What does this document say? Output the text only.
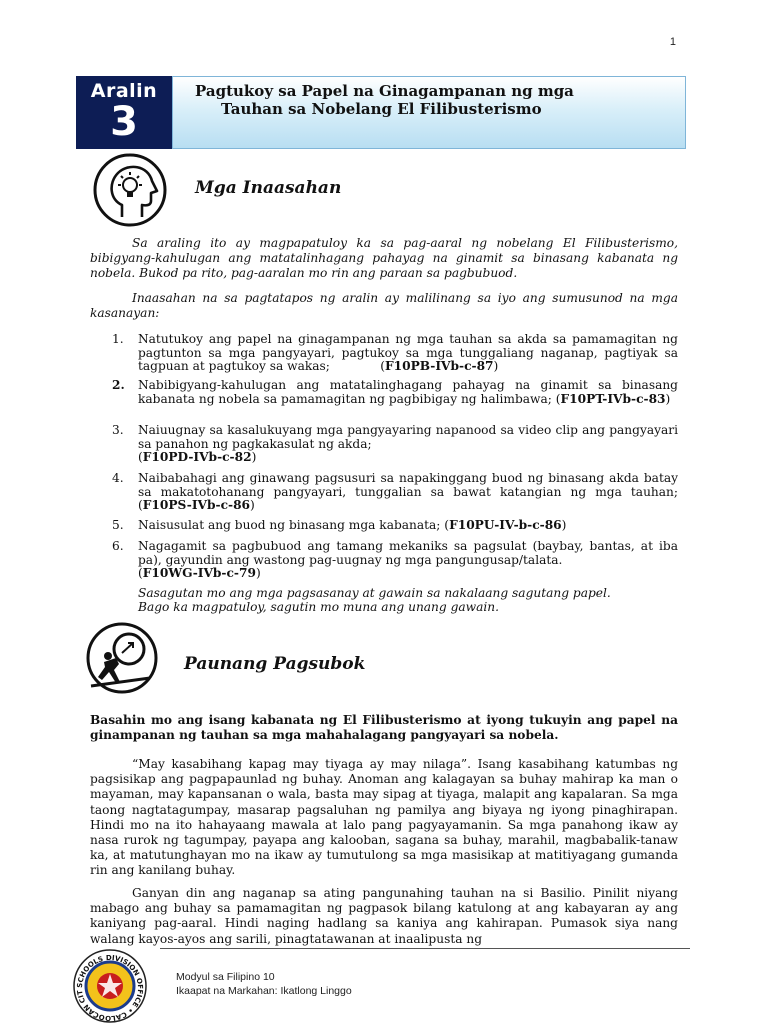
1
Aralin
3
Pagtukoy sa Papel na Ginagampanan ng mga
Tauhan sa Nobelang El Filibusterismo
Mga Inaasahan
Sa araling ito ay magpapatuloy ka sa pag-aaral ng nobelang El Filibusterismo, bibigyang-kahulugan ang matatalinhagang pahayag na ginamit sa binasang kabanata ng nobela. Bukod pa rito, pag-aaralan mo rin ang paraan sa pagbubuod.
Inaasahan na sa pagtatapos ng aralin ay malilinang sa iyo ang sumusunod na mga kasanayan:
1. Natutukoy ang papel na ginagampanan ng mga tauhan sa akda sa pamamagitan ng pagtunton sa mga pangyayari, pagtukoy sa mga tunggaliang naganap, pagtiyak sa tagpuan at pagtukoy sa wakas;             (F10PB-IVb-c-87)
2. Nabibigyang-kahulugan ang matatalinghagang pahayag na ginamit sa binasang kabanata ng nobela sa pamamagitan ng pagbibigay ng halimbawa; (F10PT-IVb-c-83)
3. Naiuugnay sa kasalukuyang mga pangyayaring napanood sa video clip ang pangyayari sa panahon ng pagkakasulat ng akda;
(F10PD-IVb-c-82)
4. Naibabahagi ang ginawang pagsusuri sa napakinggang buod ng binasang akda batay sa makatotohanang pangyayari, tunggalian sa bawat katangian ng mga tauhan; (F10PS-IVb-c-86)
5. Naisusulat ang buod ng binasang mga kabanata; (F10PU-IV-b-c-86)
6. Nagagamit sa pagbubuod ang tamang mekaniks sa pagsulat (baybay, bantas, at iba pa), gayundin ang wastong pag-uugnay ng mga pangungusap/talata.
(F10WG-IVb-c-79)
Sasagutan mo ang mga pagsasanay at gawain sa nakalaang sagutang papel.
Bago ka magpatuloy, sagutin mo muna ang unang gawain.
Paunang Pagsubok
Basahin mo ang isang kabanata ng El Filibusterismo at iyong tukuyin ang papel na ginampanan ng tauhan sa mga mahahalagang pangyayari sa nobela.
“May kasabihang kapag may tiyaga ay may nilaga”. Isang kasabihang katumbas ng pagsisikap ang pagpapaunlad ng buhay. Anoman ang kalagayan sa buhay mahirap ka man o mayaman, may kapansanan o wala, basta may sipag at tiyaga, malapit ang kapalaran. Sa mga taong nagtatagumpay, masarap pagsaluhan ng pamilya ang biyaya ng iyong pinaghirapan. Hindi mo na ito hahayaang mawala at lalo pang pagyayamanin. Sa mga panahong ikaw ay nasa rurok ng tagumpay, payapa ang kalooban, sagana sa buhay, marahil, magbabalik-tanaw ka, at matutunghayan mo na ikaw ay tumutulong sa mga masisikap at matitiyagang gumanda rin ang kanilang buhay.
Ganyan din ang naganap sa ating pangunahing tauhan na si Basilio. Pinilit niyang mabago ang buhay sa pamamagitan ng pagpasok bilang katulong at ang kabayaran ay ang kaniyang pag-aaral. Hindi naging hadlang sa kaniya ang kahirapan. Pumasok siya nang walang kayos-ayos ang sarili, pinagtatawanan at inaalipusta ng
SCHOOLS DIVISION OFFICE • CALOOCAN CIT
Modyul sa Filipino 10
Ikaapat na Markahan: Ikatlong Linggo
